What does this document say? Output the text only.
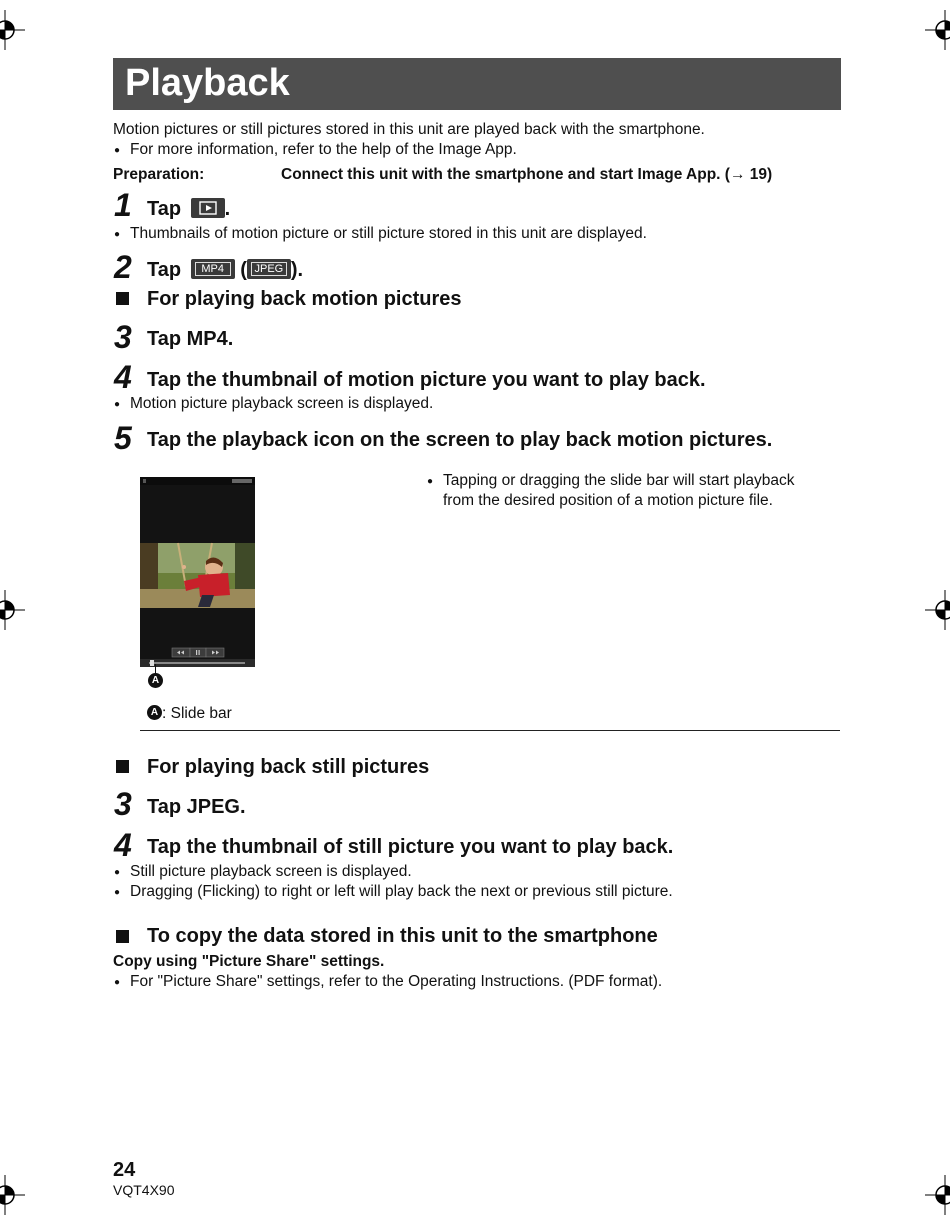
Playback
Motion pictures or still pictures stored in this unit are played back with the smartphone.
● For more information, refer to the help of the Image App.
Preparation:	Connect this unit with the smartphone and start Image App. (→ 19)
1 Tap .
● Thumbnails of motion picture or still picture stored in this unit are displayed.
2 Tap	MP4 ( JPEG ).
For playing back motion pictures
3 Tap MP4.
4 Tap the thumbnail of motion picture you want to play back.
● Motion picture playback screen is displayed.
5 Tap the playback icon on the screen to play back motion pictures.
A
A : Slide bar
● Tapping or dragging the slide bar will start playback
from the desired position of a motion picture file.
For playing back still pictures
3 Tap JPEG.
4 Tap the thumbnail of still picture you want to play back.
● Still picture playback screen is displayed.
● Dragging (Flicking) to right or left will play back the next or previous still picture.
To copy the data stored in this unit to the smartphone
Copy using "Picture Share" settings.
● For "Picture Share" settings, refer to the Operating Instructions. (PDF format).
24
VQT4X90
